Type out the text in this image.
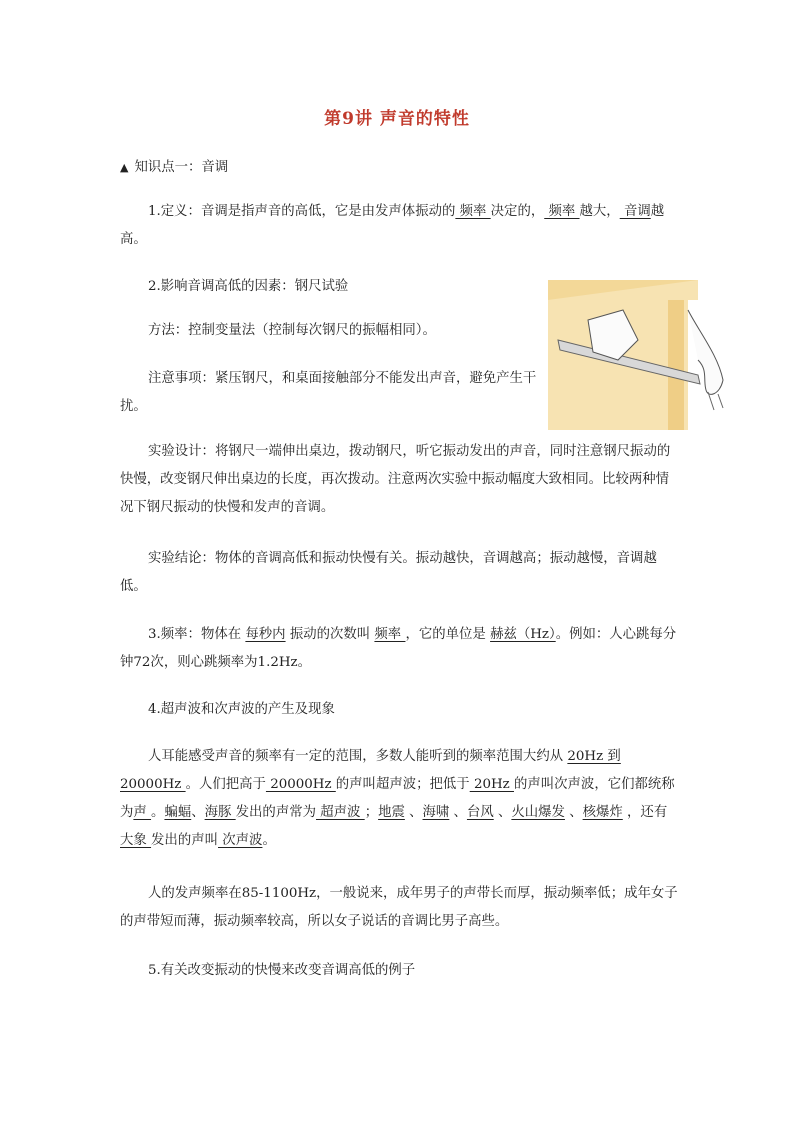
第9讲 声音的特性
▲ 知识点一：音调
1.定义：音调是指声音的高低，它是由发声体振动的 频率 决定的， 频率 越大， 音调越高。
2.影响音调高低的因素：钢尺试验
方法：控制变量法（控制每次钢尺的振幅相同）。
注意事项：紧压钢尺，和桌面接触部分不能发出声音，避免产生干扰。
实验设计：将钢尺一端伸出桌边，拨动钢尺，听它振动发出的声音，同时注意钢尺振动的快慢，改变钢尺伸出桌边的长度，再次拨动。注意两次实验中振动幅度大致相同。比较两种情况下钢尺振动的快慢和发声的音调。
实验结论：物体的音调高低和振动快慢有关。振动越快，音调越高；振动越慢，音调越低。
3.频率：物体在 每秒内 振动的次数叫 频率 ，它的单位是 赫兹（Hz）。例如：人心跳每分钟72次，则心跳频率为1.2Hz。
4.超声波和次声波的产生及现象
人耳能感受声音的频率有一定的范围，多数人能听到的频率范围大约从 20Hz 到 20000Hz 。人们把高于 20000Hz 的声叫超声波；把低于 20Hz 的声叫次声波，它们都统称为声 。蝙蝠、海豚 发出的声常为 超声波 ；地震 、海啸 、台风 、火山爆发 、核爆炸 ，还有大象 发出的声叫 次声波。
人的发声频率在85-1100Hz，一般说来，成年男子的声带长而厚，振动频率低；成年女子的声带短而薄，振动频率较高，所以女子说话的音调比男子高些。
5.有关改变振动的快慢来改变音调高低的例子
